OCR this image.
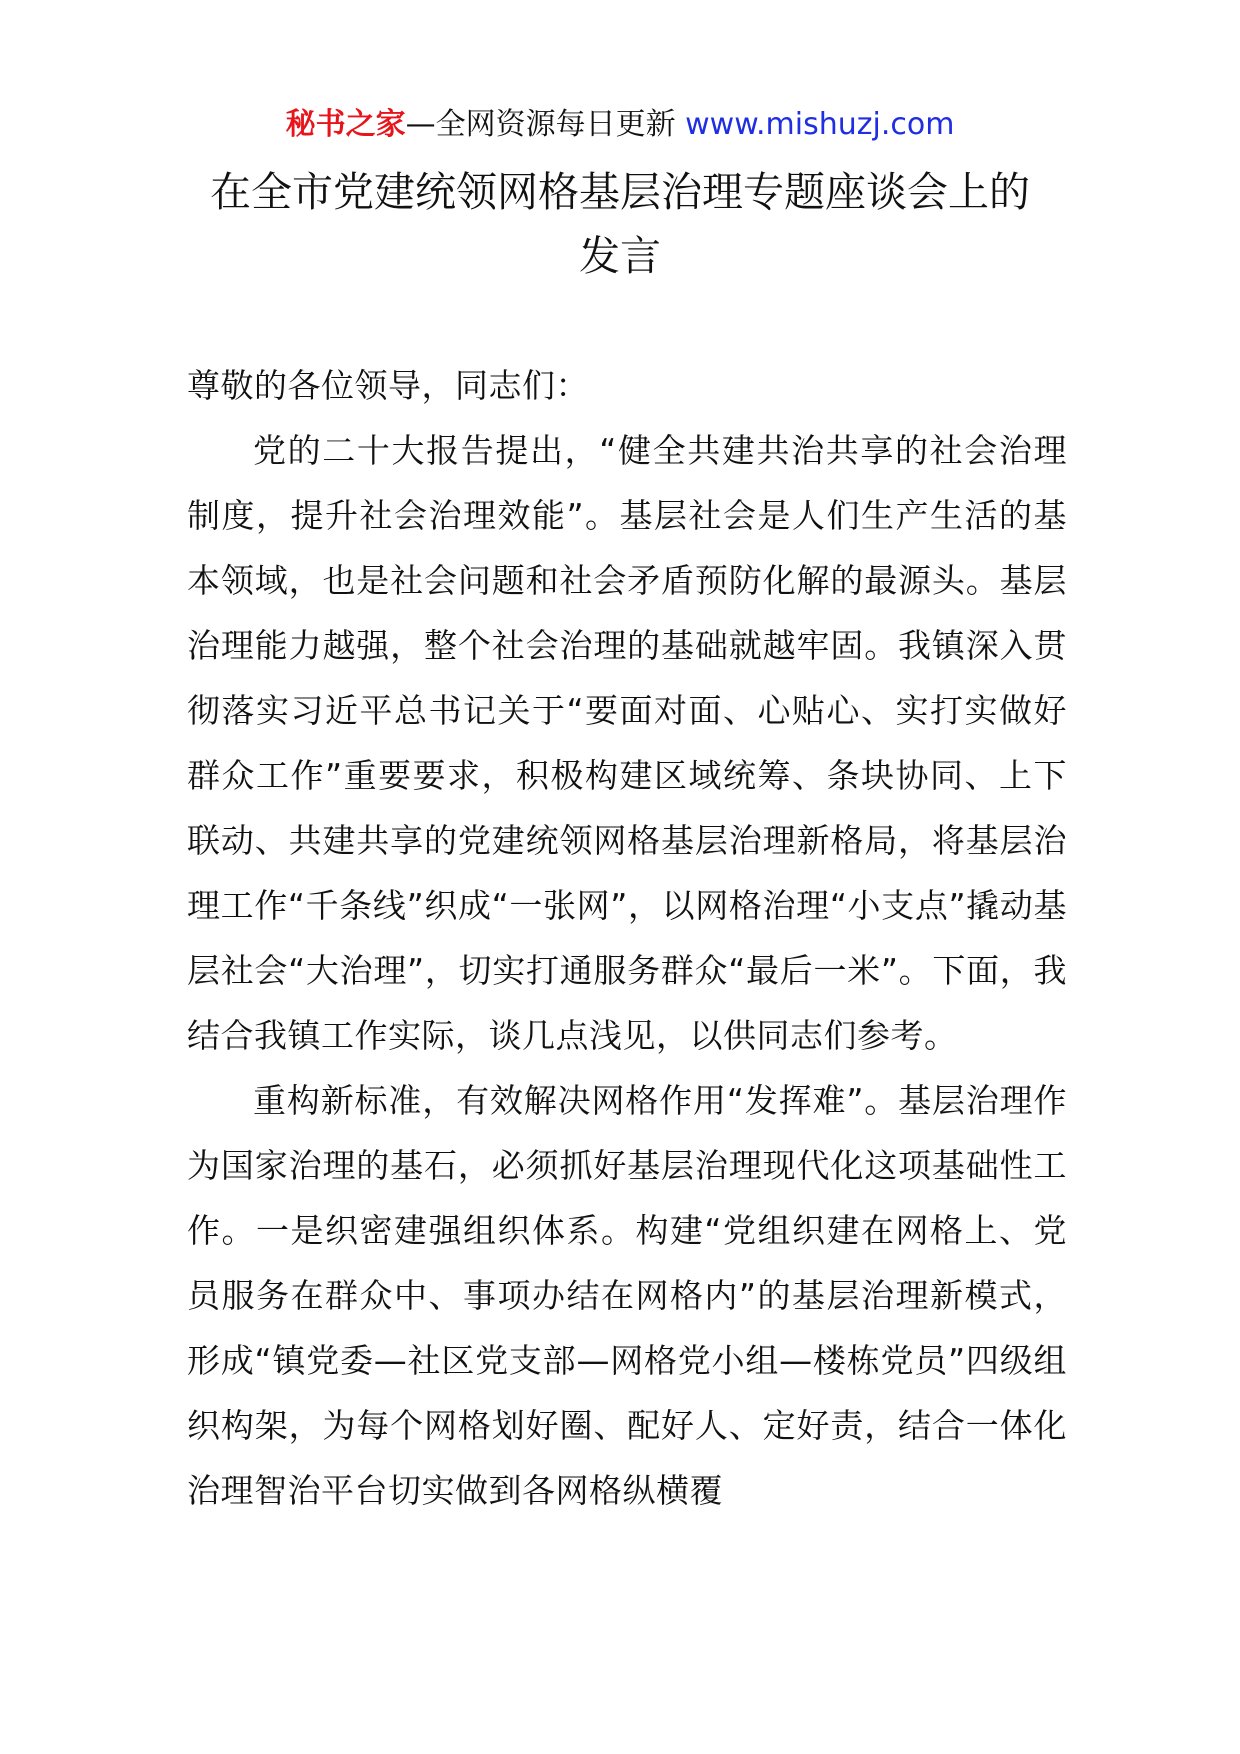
秘书之家—全网资源每日更新 www.mishuzj.com
在全市党建统领网格基层治理专题座谈会上的
发言

尊敬的各位领导，同志们：

党的二十大报告提出，“健全共建共治共享的社会治理制度，提升社会治理效能”。基层社会是人们生产生活的基本领域，也是社会问题和社会矛盾预防化解的最源头。基层治理能力越强，整个社会治理的基础就越牢固。我镇深入贯彻落实习近平总书记关于“要面对面、心贴心、实打实做好群众工作”重要要求，积极构建区域统筹、条块协同、上下联动、共建共享的党建统领网格基层治理新格局，将基层治理工作“千条线”织成“一张网”，以网格治理“小支点”撬动基层社会“大治理”，切实打通服务群众“最后一米”。下面，我结合我镇工作实际，谈几点浅见，以供同志们参考。

重构新标准，有效解决网格作用“发挥难”。基层治理作为国家治理的基石，必须抓好基层治理现代化这项基础性工作。一是织密建强组织体系。构建“党组织建在网格上、党员服务在群众中、事项办结在网格内”的基层治理新模式，形成“镇党委—社区党支部—网格党小组—楼栋党员”四级组织构架，为每个网格划好圈、配好人、定好责，结合一体化治理智治平台切实做到各网格纵横覆
